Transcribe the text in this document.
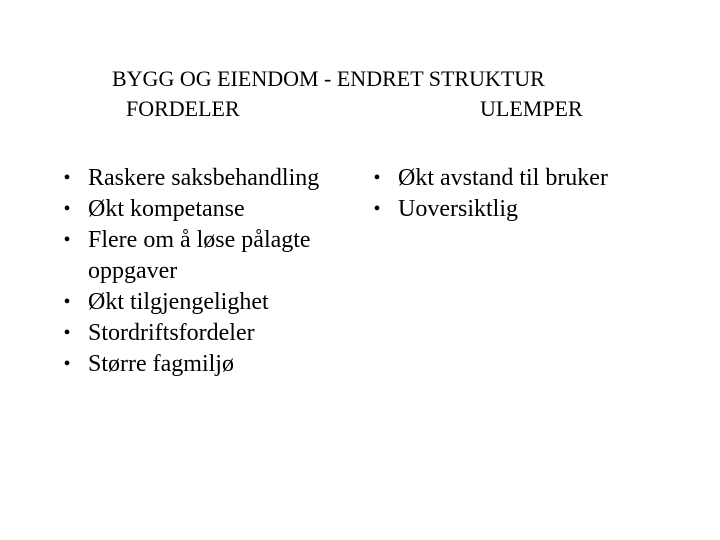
BYGG OG EIENDOM - ENDRET STRUKTUR
FORDELER	ULEMPER
• Raskere saksbehandling
• Økt kompetanse
• Flere om å løse pålagte oppgaver
• Økt tilgjengelighet
• Stordriftsfordeler
• Større fagmiljø
• Økt avstand til bruker
• Uoversiktlig
